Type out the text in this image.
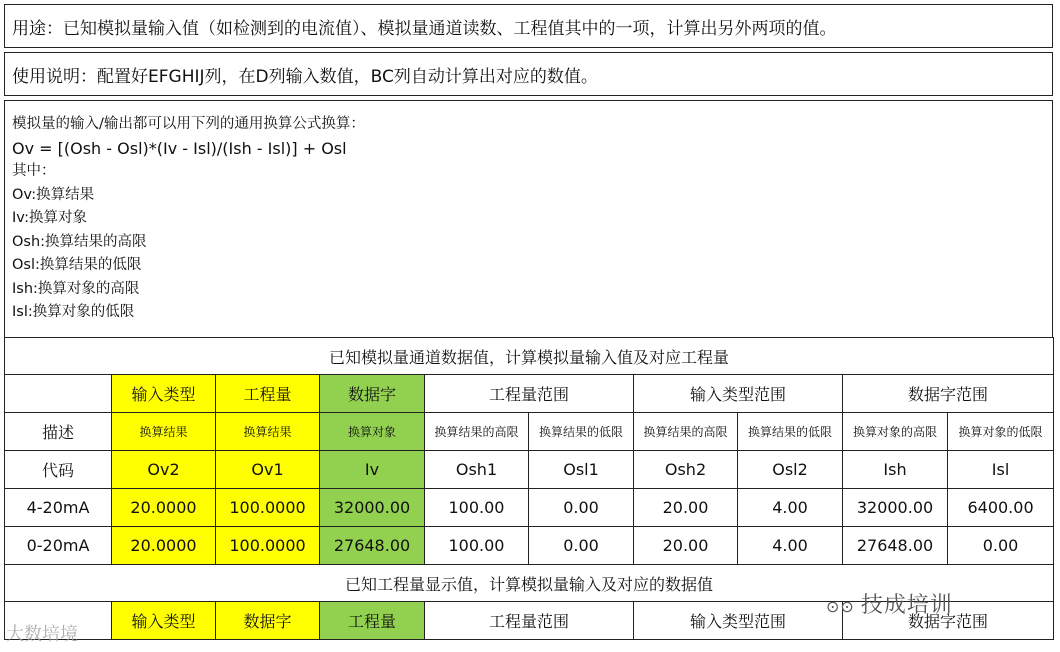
用途：已知模拟量输入值（如检测到的电流值）、模拟量通道读数、工程值其中的一项，计算出另外两项的值。
使用说明：配置好EFGHIJ列，在D列输入数值，BC列自动计算出对应的数值。
模拟量的输入/输出都可以用下列的通用换算公式换算：
Ov = [(Osh - Osl)*(Iv - Isl)/(Ish - Isl)] + Osl
其中：
Ov:换算结果
Iv:换算对象
Osh:换算结果的高限
Osl:换算结果的低限
Ish:换算对象的高限
Isl:换算对象的低限
已知模拟量通道数据值，计算模拟量输入值及对应工程量									
	输入类型	工程量	数据字	工程量范围		输入类型范围		数据字范围	
描述	换算结果	换算结果	换算对象	换算结果的高限	换算结果的低限	换算结果的高限	换算结果的低限	换算对象的高限	换算对象的低限
代码	Ov2	Ov1	Iv	Osh1	Osl1	Osh2	Osl2	Ish	Isl
4-20mA	20.0000	100.0000	32000.00	100.00	0.00	20.00	4.00	32000.00	6400.00
0-20mA	20.0000	100.0000	27648.00	100.00	0.00	20.00	4.00	27648.00	0.00
已知工程量显示值，计算模拟量输入及对应的数据值									
	输入类型	数据字	工程量	工程量范围		输入类型范围		数据字范围	
⊙⊙ 技成培训
大数培境
